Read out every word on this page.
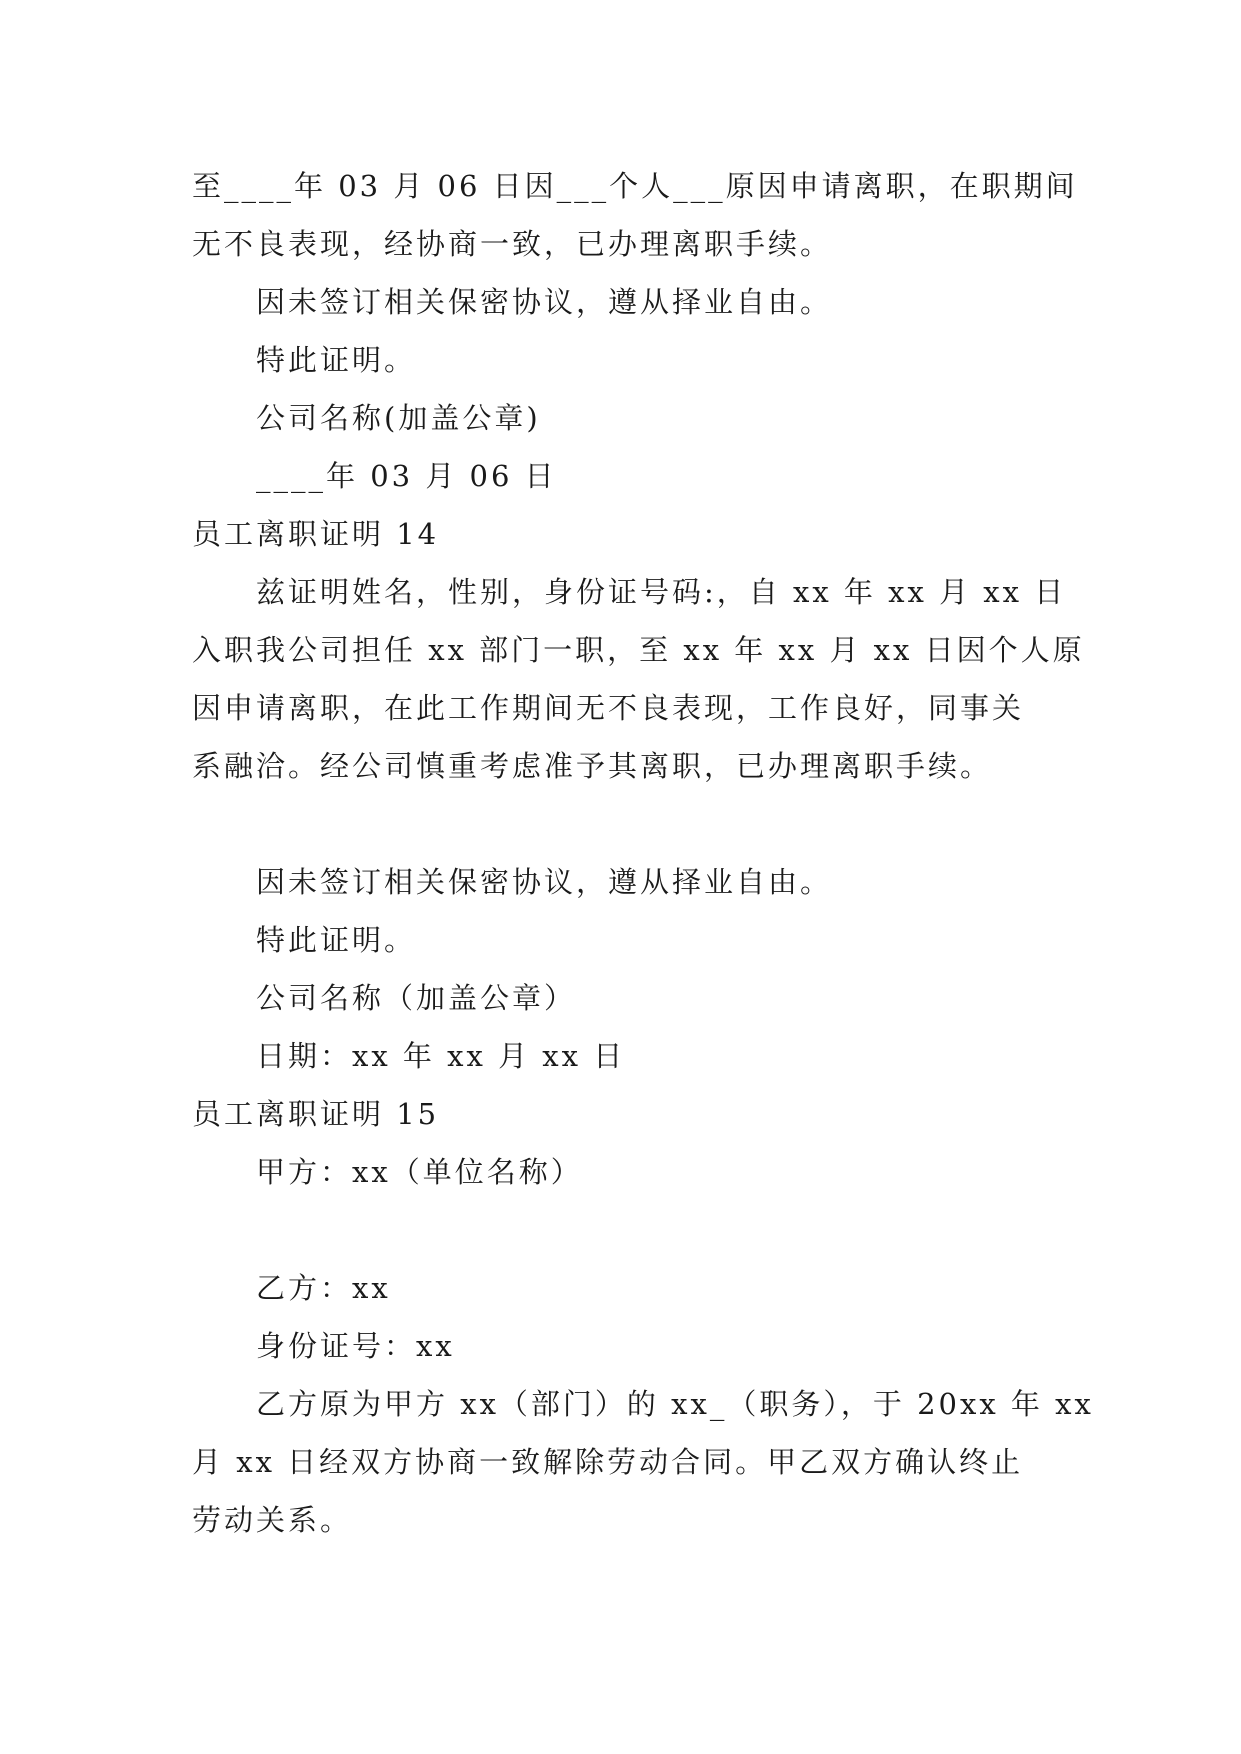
至____年 03 月 06 日因___个人___原因申请离职，在职期间
无不良表现，经协商一致，已办理离职手续。
因未签订相关保密协议，遵从择业自由。
特此证明。
公司名称(加盖公章)
____年 03 月 06 日
员工离职证明 14
兹证明姓名，性别，身份证号码:，自 xx 年 xx 月 xx 日
入职我公司担任 xx 部门一职，至 xx 年 xx 月 xx 日因个人原
因申请离职，在此工作期间无不良表现，工作良好，同事关
系融洽。经公司慎重考虑准予其离职，已办理离职手续。
因未签订相关保密协议，遵从择业自由。
特此证明。
公司名称（加盖公章）
日期：xx 年 xx 月 xx 日
员工离职证明 15
甲方：xx（单位名称）
乙方：xx
身份证号：xx
乙方原为甲方 xx（部门）的 xx_（职务），于 20xx 年 xx
月 xx 日经双方协商一致解除劳动合同。甲乙双方确认终止
劳动关系。
